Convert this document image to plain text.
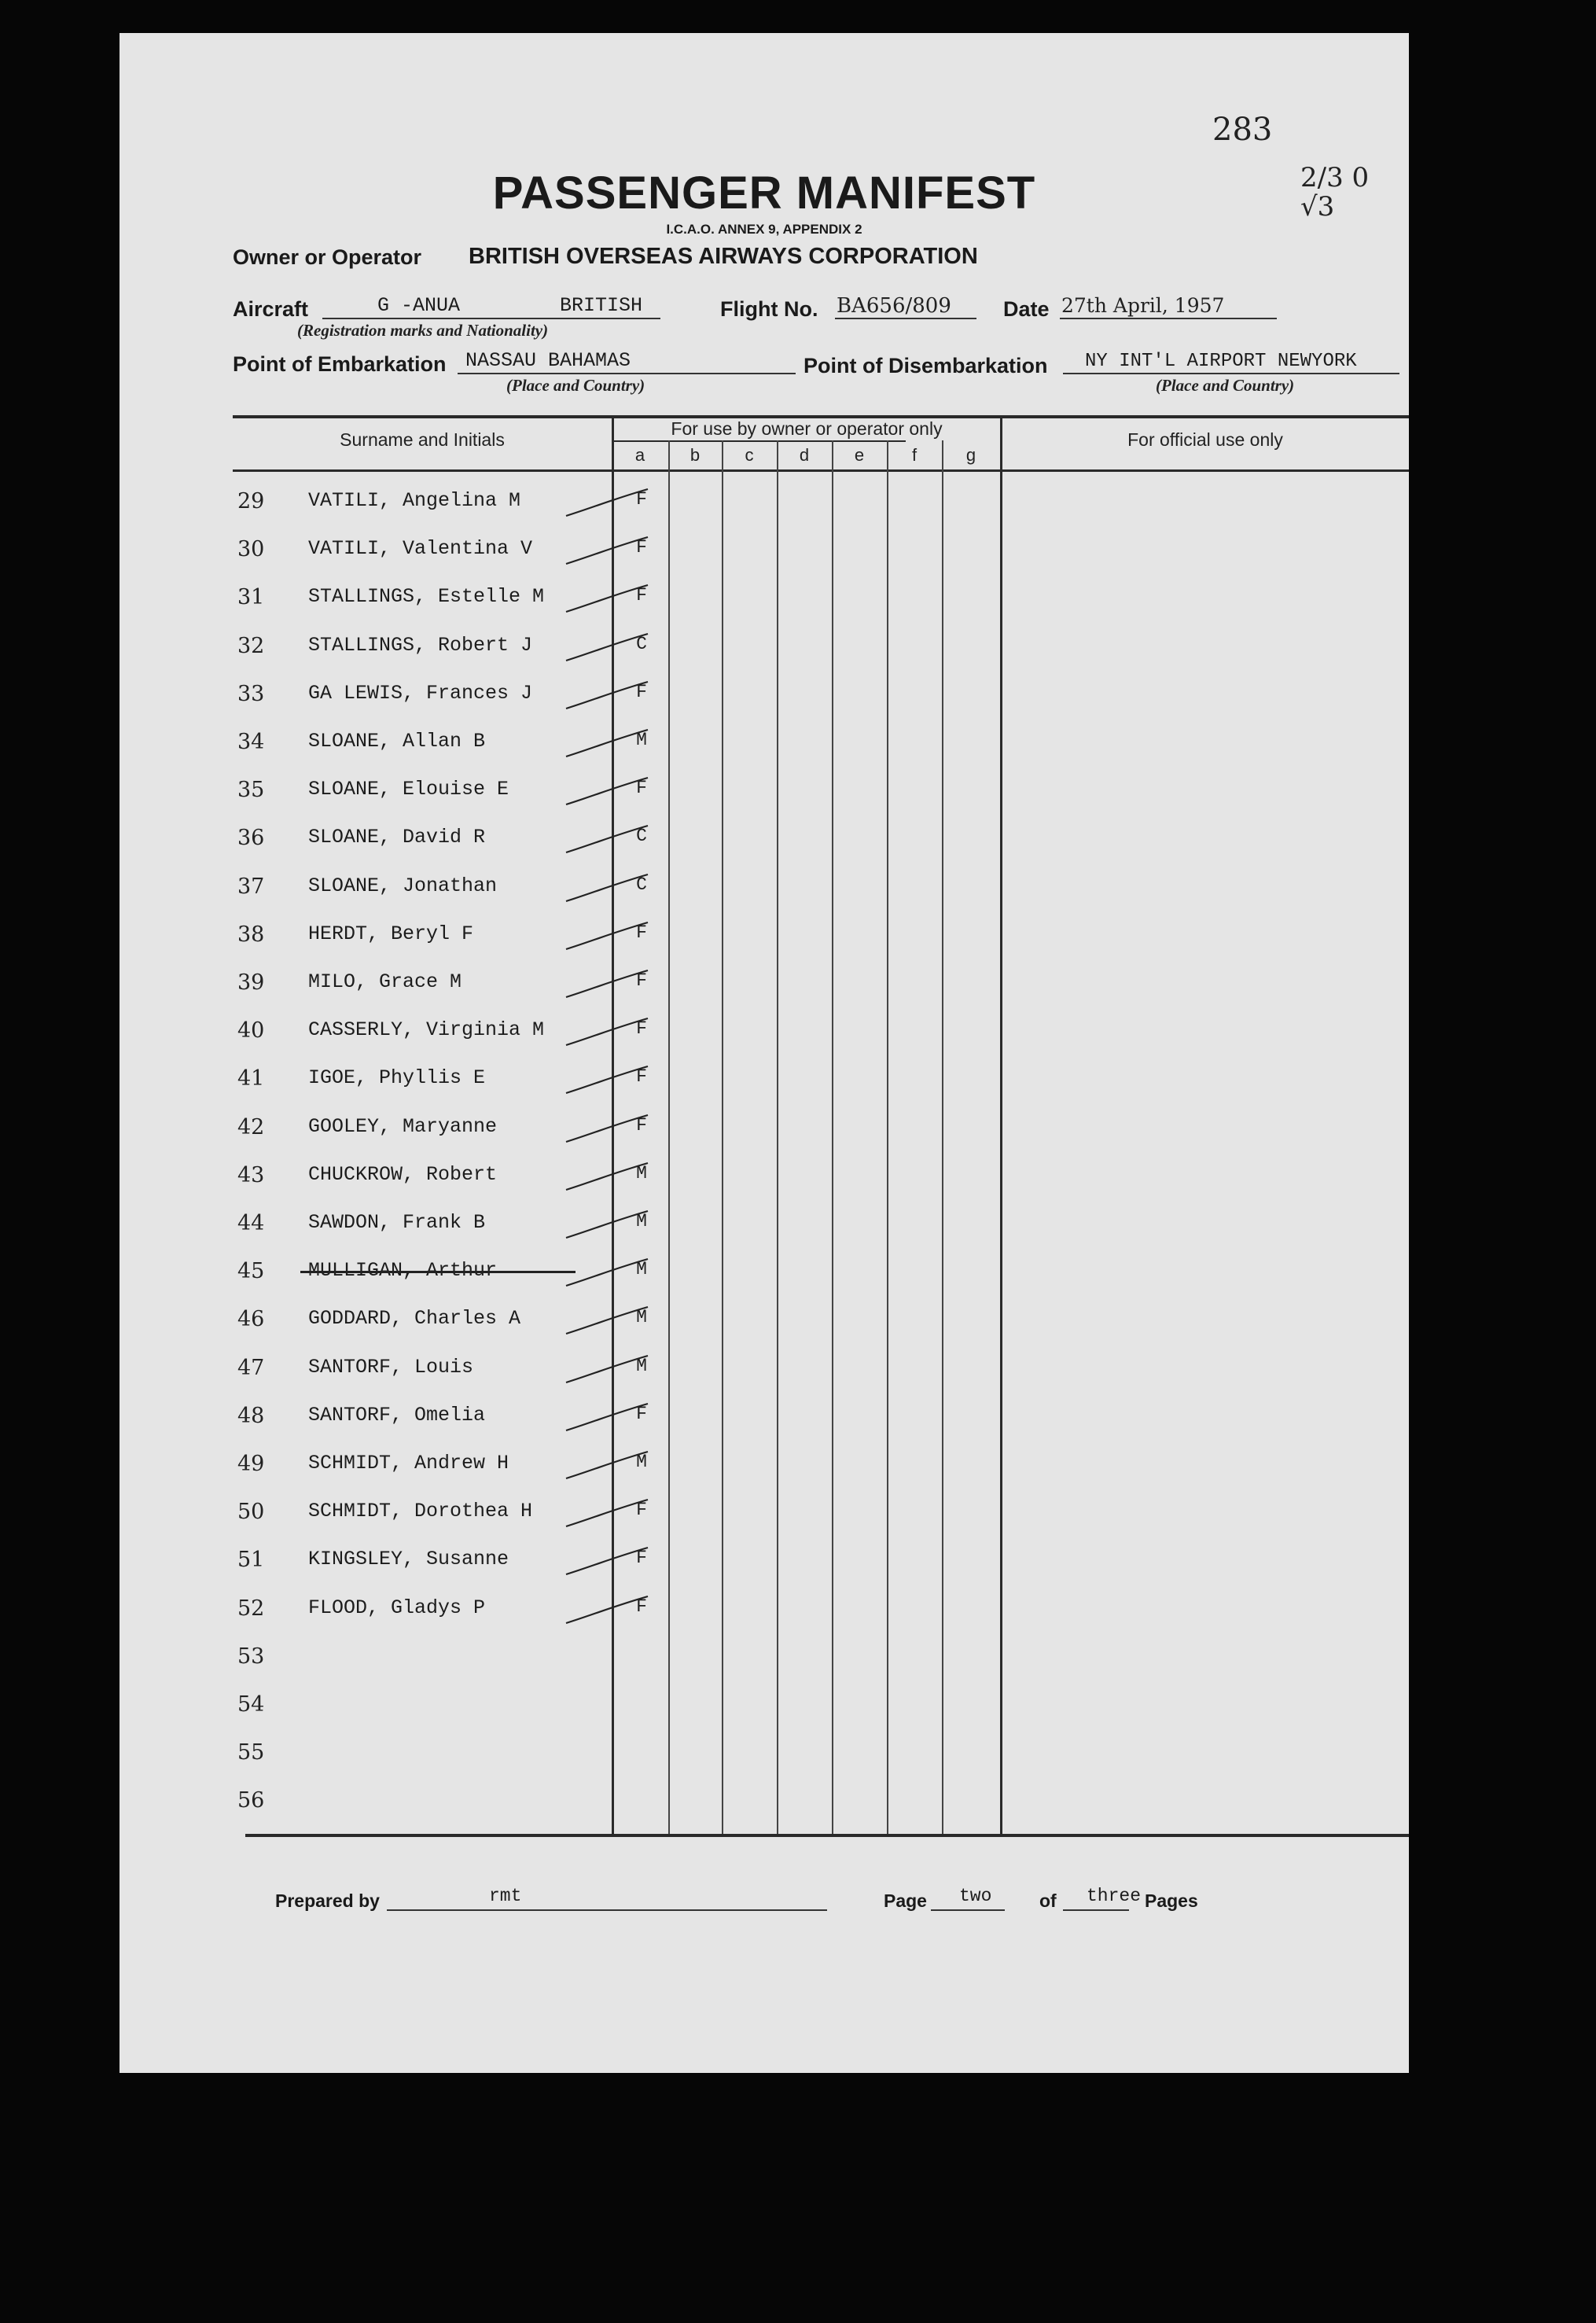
283
2/3 0 √3
PASSENGER MANIFEST
I.C.A.O. ANNEX 9, APPENDIX 2
Owner or Operator BRITISH OVERSEAS AIRWAYS CORPORATION
Aircraft	G -ANUA	BRITISH
(Registration marks and Nationality)
Flight No. BA656/809 Date 27th April, 1957
Point of Embarkation NASSAU BAHAMAS
(Place and Country)
Point of Disembarkation NY INT'L AIRPORT NEWYORK
(Place and Country)
Surname and Initials
For use by owner or operator only
For official use only
a	b	c	d	e	f	g
29 VATILI, Angelina M	F
30 VATILI, Valentina V	F
31 STALLINGS, Estelle M	F
32 STALLINGS, Robert J	C
33 GA LEWIS, Frances J	F
34 SLOANE, Allan B	M
35 SLOANE, Elouise E	F
36 SLOANE, David R	C
37 SLOANE, Jonathan	C
38 HERDT, Beryl F	F
39 MILO, Grace M	F
40 CASSERLY, Virginia M	F
41 IGOE, Phyllis E	F
42 GOOLEY, Maryanne	F
43 CHUCKROW, Robert	M
44 SAWDON, Frank B	M
45 MULLIGAN, Arthur	M
46 GODDARD, Charles A	M
47 SANTORF, Louis	M
48 SANTORF, Omelia	F
49 SCHMIDT, Andrew H	M
50 SCHMIDT, Dorothea H	F
51 KINGSLEY, Susanne	F
52 FLOOD, Gladys P	F
53
54
55
56
Prepared by	rmt	Page two	of three Pages
